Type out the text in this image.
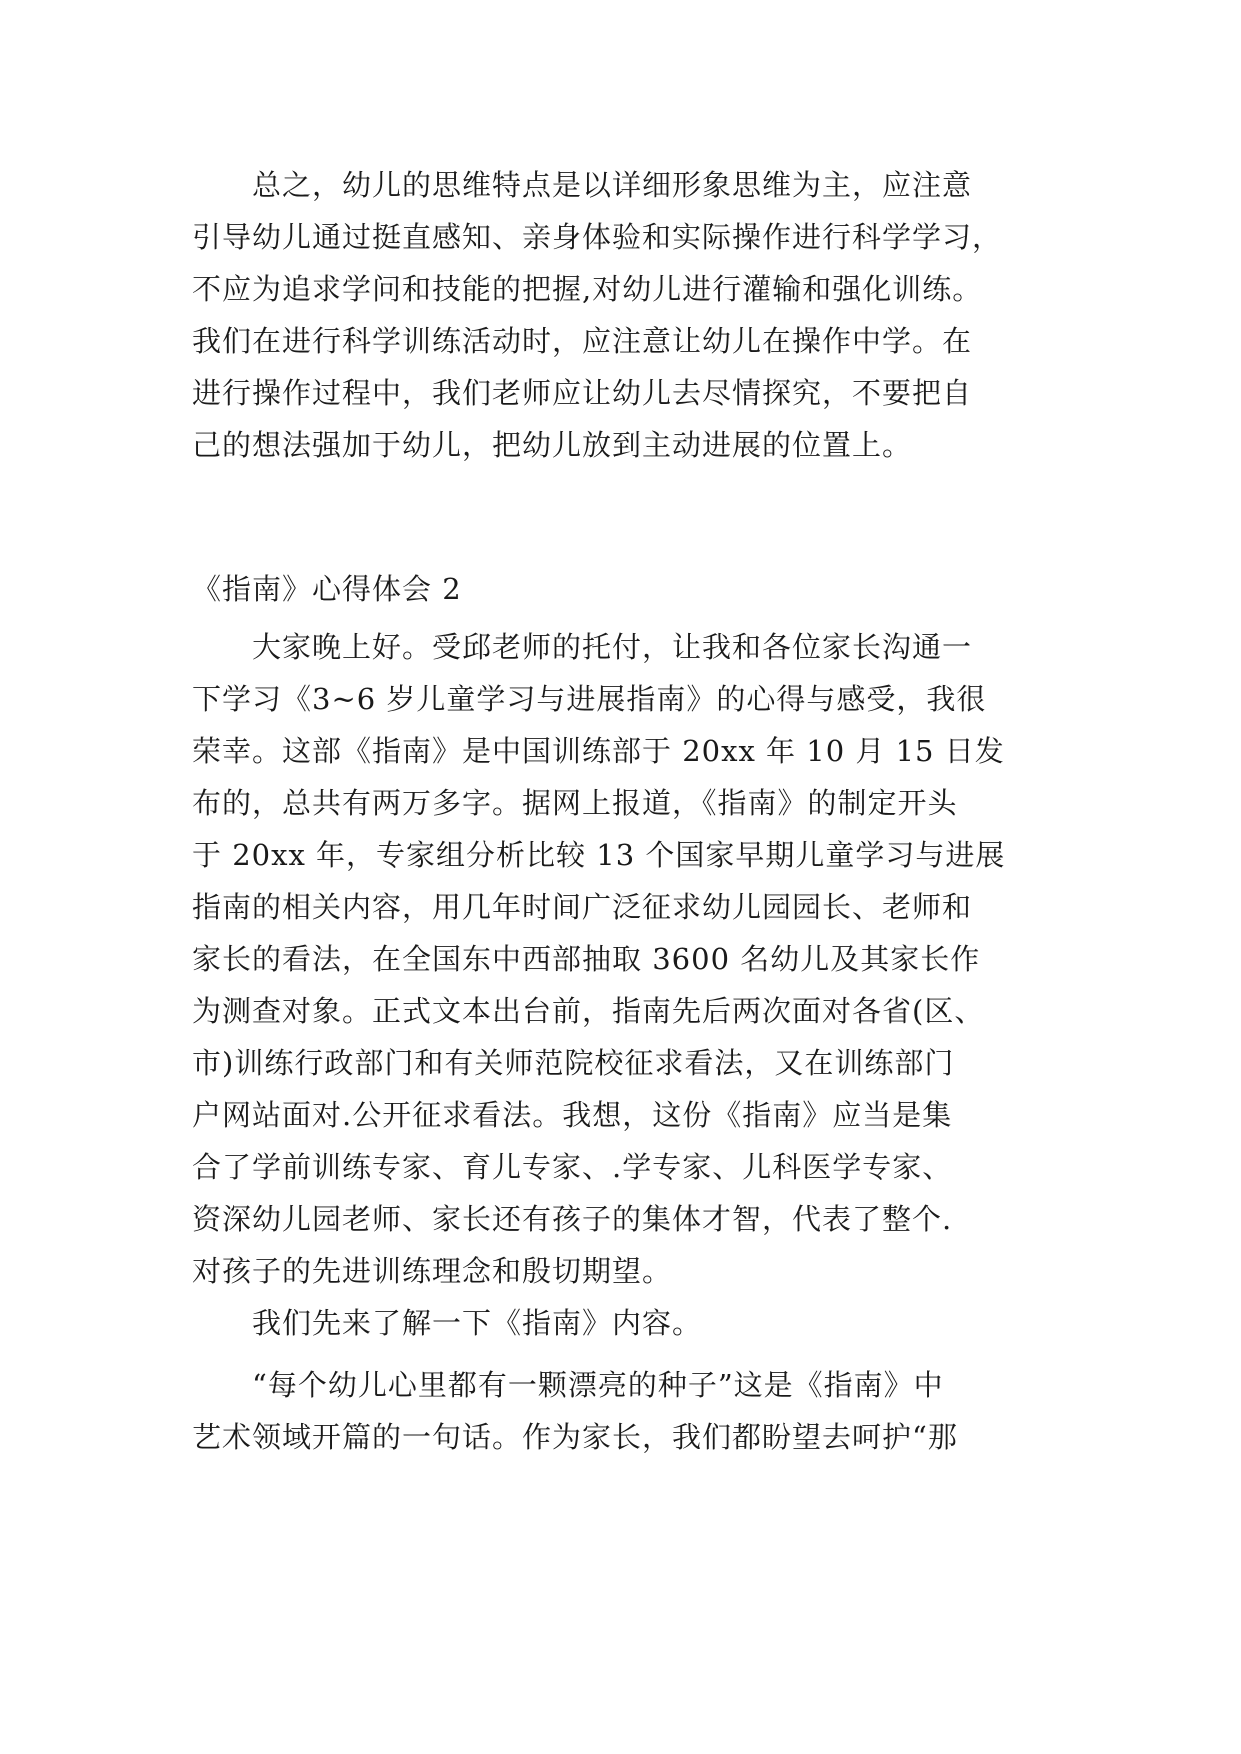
总之，幼儿的思维特点是以详细形象思维为主，应注意
引导幼儿通过挺直感知、亲身体验和实际操作进行科学学习，
不应为追求学问和技能的把握,对幼儿进行灌输和强化训练。
我们在进行科学训练活动时，应注意让幼儿在操作中学。在
进行操作过程中，我们老师应让幼儿去尽情探究，不要把自
己的想法强加于幼儿，把幼儿放到主动进展的位置上。
《指南》心得体会 2
大家晚上好。受邱老师的托付，让我和各位家长沟通一
下学习《3~6 岁儿童学习与进展指南》的心得与感受，我很
荣幸。这部《指南》是中国训练部于 20xx 年 10 月 15 日发
布的，总共有两万多字。据网上报道，《指南》的制定开头
于 20xx 年，专家组分析比较 13 个国家早期儿童学习与进展
指南的相关内容，用几年时间广泛征求幼儿园园长、老师和
家长的看法，在全国东中西部抽取 3600 名幼儿及其家长作
为测查对象。正式文本出台前，指南先后两次面对各省(区、
市)训练行政部门和有关师范院校征求看法，又在训练部门
户网站面对.公开征求看法。我想，这份《指南》应当是集
合了学前训练专家、育儿专家、.学专家、儿科医学专家、
资深幼儿园老师、家长还有孩子的集体才智，代表了整个.
对孩子的先进训练理念和殷切期望。
我们先来了解一下《指南》内容。
“每个幼儿心里都有一颗漂亮的种子”这是《指南》中
艺术领域开篇的一句话。作为家长，我们都盼望去呵护“那
